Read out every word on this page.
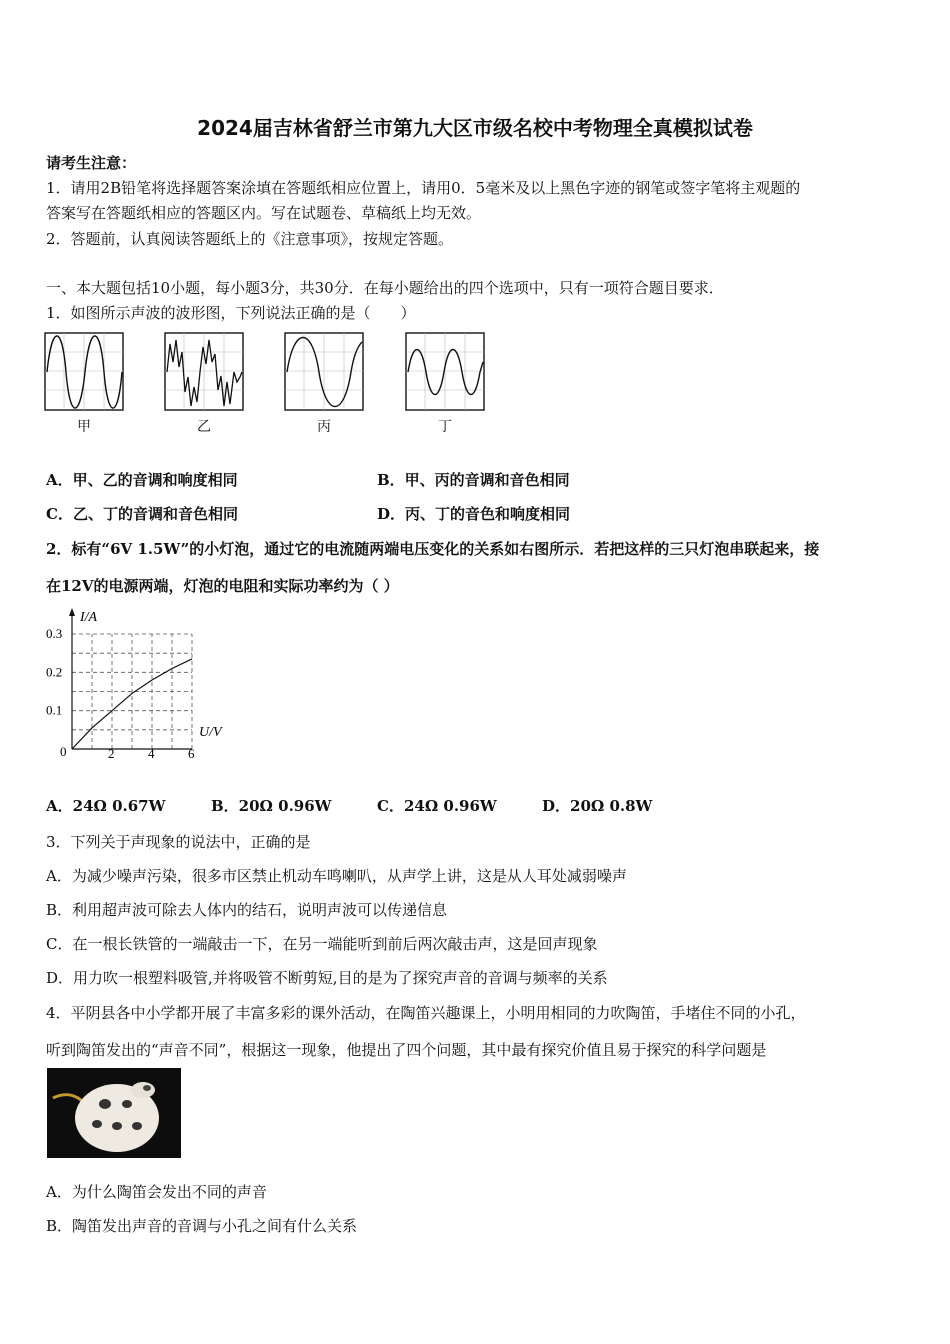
2024届吉林省舒兰市第九大区市级名校中考物理全真模拟试卷
请考生注意：
1．请用2B铅笔将选择题答案涂填在答题纸相应位置上，请用0．5毫米及以上黑色字迹的钢笔或签字笔将主观题的
答案写在答题纸相应的答题区内。写在试题卷、草稿纸上均无效。
2．答题前，认真阅读答题纸上的《注意事项》，按规定答题。
一、本大题包括10小题，每小题3分，共30分．在每小题给出的四个选项中，只有一项符合题目要求．
1．如图所示声波的波形图，下列说法正确的是（　　）
甲	乙	丙	丁
A．甲、乙的音调和响度相同	B．甲、丙的音调和音色相同
C．乙、丁的音调和音色相同	D．丙、丁的音色和响度相同
2．标有“6V 1.5W”的小灯泡，通过它的电流随两端电压变化的关系如右图所示．若把这样的三只灯泡串联起来，接
在12V的电源两端，灯泡的电阻和实际功率约为（ ）
I/A
U/V
0	2	4	6
0.1
0.2
0.3
A．24Ω 0.67W	B．20Ω 0.96W	C．24Ω 0.96W	D．20Ω 0.8W
3．下列关于声现象的说法中，正确的是
A．为减少噪声污染，很多市区禁止机动车鸣喇叭，从声学上讲，这是从人耳处减弱噪声
B．利用超声波可除去人体内的结石，说明声波可以传递信息
C．在一根长铁管的一端敲击一下，在另一端能听到前后两次敲击声，这是回声现象
D．用力吹一根塑料吸管,并将吸管不断剪短,目的是为了探究声音的音调与频率的关系
4．平阴县各中小学都开展了丰富多彩的课外活动，在陶笛兴趣课上，小明用相同的力吹陶笛，手堵住不同的小孔，
听到陶笛发出的“声音不同”，根据这一现象，他提出了四个问题，其中最有探究价值且易于探究的科学问题是
A．为什么陶笛会发出不同的声音
B．陶笛发出声音的音调与小孔之间有什么关系
